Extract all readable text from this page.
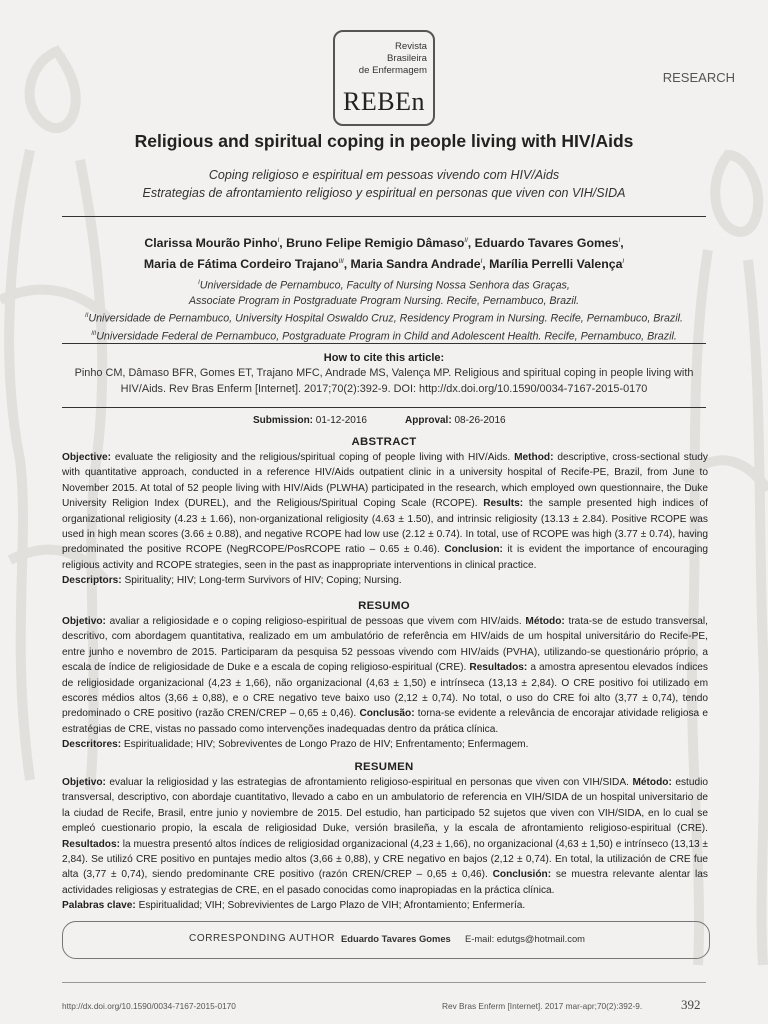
Revista
Brasileira
de Enfermagem
REBEn
RESEARCH
Religious and spiritual coping in people living with HIV/Aids
Coping religioso e espiritual em pessoas vivendo com HIV/Aids
Estrategias de afrontamiento religioso y espiritual en personas que viven con VIH/SIDA
Clarissa Mourão Pinho$^I$, Bruno Felipe Remigio Dâmaso$^{II}$, Eduardo Tavares Gomes$^I$,
Maria de Fátima Cordeiro Trajano$^{III}$, Maria Sandra Andrade$^I$, Marília Perrelli Valença$^I$
$^I$Universidade de Pernambuco, Faculty of Nursing Nossa Senhora das Graças,
Associate Program in Postgraduate Program Nursing. Recife, Pernambuco, Brazil.
$^{II}$Universidade de Pernambuco, University Hospital Oswaldo Cruz, Residency Program in Nursing. Recife, Pernambuco, Brazil.
$^{III}$Universidade Federal de Pernambuco, Postgraduate Program in Child and Adolescent Health. Recife, Pernambuco, Brazil.
How to cite this article:
Pinho CM, Dâmaso BFR, Gomes ET, Trajano MFC, Andrade MS, Valença MP. Religious and spiritual coping in people living with HIV/Aids. Rev Bras Enferm [Internet]. 2017;70(2):392-9. DOI: http://dx.doi.org/10.1590/0034-7167-2015-0170
Submission: 01-12-2016	Approval: 08-26-2016
ABSTRACT

Objective: evaluate the religiosity and the religious/spiritual coping of people living with HIV/Aids. Method: descriptive, cross-sectional study with quantitative approach, conducted in a reference HIV/Aids outpatient clinic in a university hospital of Recife-PE, Brazil, from June to November 2015. At total of 52 people living with HIV/Aids (PLWHA) participated in the research, which employed own questionnaire, the Duke University Religion Index (DUREL), and the Religious/Spiritual Coping Scale (RCOPE). Results: the sample presented high indices of organizational religiosity (4.23 ± 1.66), non-organizational religiosity (4.63 ± 1.50), and intrinsic religiosity (13.13 ± 2.84). Positive RCOPE was used in high mean scores (3.66 ± 0.88), and negative RCOPE had low use (2.12 ± 0.74). In total, use of RCOPE was high (3.77 ± 0.74), having predominated the positive RCOPE (NegRCOPE/PosRCOPE ratio – 0.65 ± 0.46). Conclusion: it is evident the importance of encouraging religious activity and RCOPE strategies, seen in the past as inappropriate interventions in clinical practice.

Descriptors: Spirituality; HIV; Long-term Survivors of HIV; Coping; Nursing.

RESUMO

Objetivo: avaliar a religiosidade e o coping religioso-espiritual de pessoas que vivem com HIV/aids. Método: trata-se de estudo transversal, descritivo, com abordagem quantitativa, realizado em um ambulatório de referência em HIV/aids de um hospital universitário do Recife-PE, entre junho e novembro de 2015. Participaram da pesquisa 52 pessoas vivendo com HIV/aids (PVHA), utilizando-se questionário próprio, a escala de índice de religiosidade de Duke e a escala de coping religioso-espiritual (CRE). Resultados: a amostra apresentou elevados índices de religiosidade organizacional (4,23 ± 1,66), não organizacional (4,63 ± 1,50) e intrínseca (13,13 ± 2,84). O CRE positivo foi utilizado em escores médios altos (3,66 ± 0,88), e o CRE negativo teve baixo uso (2,12 ± 0,74). No total, o uso do CRE foi alto (3,77 ± 0,74), tendo predominado o CRE positivo (razão CREN/CREP – 0,65 ± 0,46). Conclusão: torna-se evidente a relevância de encorajar atividade religiosa e estratégias de CRE, vistas no passado como intervenções inadequadas dentro da prática clínica.

Descritores: Espiritualidade; HIV; Sobreviventes de Longo Prazo de HIV; Enfrentamento; Enfermagem.

RESUMEN

Objetivo: evaluar la religiosidad y las estrategias de afrontamiento religioso-espiritual en personas que viven con VIH/SIDA. Método: estudio transversal, descriptivo, con abordaje cuantitativo, llevado a cabo en un ambulatorio de referencia en VIH/SIDA de un hospital universitario de la ciudad de Recife, Brasil, entre junio y noviembre de 2015. Del estudio, han participado 52 sujetos que viven con VIH/SIDA, en lo cual se empleó cuestionario propio, la escala de religiosidad Duke, versión brasileña, y la escala de afrontamiento religioso-espiritual (CRE). Resultados: la muestra presentó altos índices de religiosidad organizacional (4,23 ± 1,66), no organizacional (4,63 ± 1,50) e intrínseco (13,13 ± 2,84). Se utilizó CRE positivo en puntajes medio altos (3,66 ± 0,88), y CRE negativo en bajos (2,12 ± 0,74). En total, la utilización de CRE fue alta (3,77 ± 0,74), siendo predominante CRE positivo (razón CREN/CREP – 0,65 ± 0,46). Conclusión: se muestra relevante alentar las actividades religiosas y estrategias de CRE, en el pasado conocidas como inapropiadas en la práctica clínica.

Palabras clave: Espiritualidad; VIH; Sobrevivientes de Largo Plazo de VIH; Afrontamiento; Enfermería.

CORRESPONDING AUTHOR Eduardo Tavares Gomes E-mail: edutgs@hotmail.com
http://dx.doi.org/10.1590/0034-7167-2015-0170	Rev Bras Enferm [Internet]. 2017 mar-apr;70(2):392-9.	392
